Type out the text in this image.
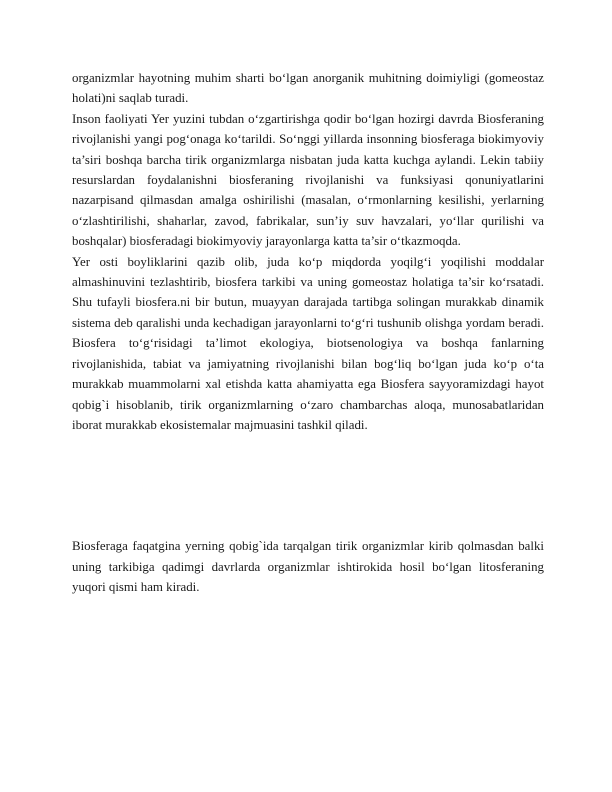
organizmlar hayotning muhim sharti bo‘lgan anorganik muhitning doimiyligi (gomeostaz holati)ni saqlab turadi.

Inson faoliyati Yer yuzini tubdan o‘zgartirishga qodir bo‘lgan hozirgi davrda Biosferaning rivojlanishi yangi pog‘onaga ko‘tarildi. So‘nggi yillarda insonning biosferaga biokimyoviy ta’siri boshqa barcha tirik organizmlarga nisbatan juda katta kuchga aylandi. Lekin tabiiy resurslardan foydalanishni biosferaning rivojlanishi va funksiyasi qonuniyatlarini nazarpisand qilmasdan amalga oshirilishi (masalan, o‘rmonlarning kesilishi, yerlarning o‘zlashtirilishi, shaharlar, zavod, fabrikalar, sun’iy suv havzalari, yo‘llar qurilishi va boshqalar) biosferadagi biokimyoviy jarayonlarga katta ta’sir o‘tkazmoqda.

Yer osti boyliklarini qazib olib, juda ko‘p miqdorda yoqilg‘i yoqilishi moddalar almashinuvini tezlashtirib, biosfera tarkibi va uning gomeostaz holatiga ta’sir ko‘rsatadi. Shu tufayli biosfera.ni bir butun, muayyan darajada tartibga solingan murakkab dinamik sistema deb qaralishi unda kechadigan jarayonlarni to‘g‘ri tushunib olishga yordam beradi. Biosfera to‘g‘risidagi ta’limot ekologiya, biotsenologiya va boshqa fanlarning rivojlanishida, tabiat va jamiyatning rivojlanishi bilan bog‘liq bo‘lgan juda ko‘p o‘ta murakkab muammolarni xal etishda katta ahamiyatta ega Biosfera sayyoramizdagi hayot qobig`i hisoblanib, tirik organizmlarning o‘zaro chambarchas aloqa, munosabatlaridan iborat murakkab ekosistemalar majmuasini tashkil qiladi.

Biosferaga faqatgina yerning qobig`ida tarqalgan tirik organizmlar kirib qolmasdan balki uning tarkibiga qadimgi davrlarda organizmlar ishtirokida hosil bo‘lgan litosferaning yuqori qismi ham kiradi.
